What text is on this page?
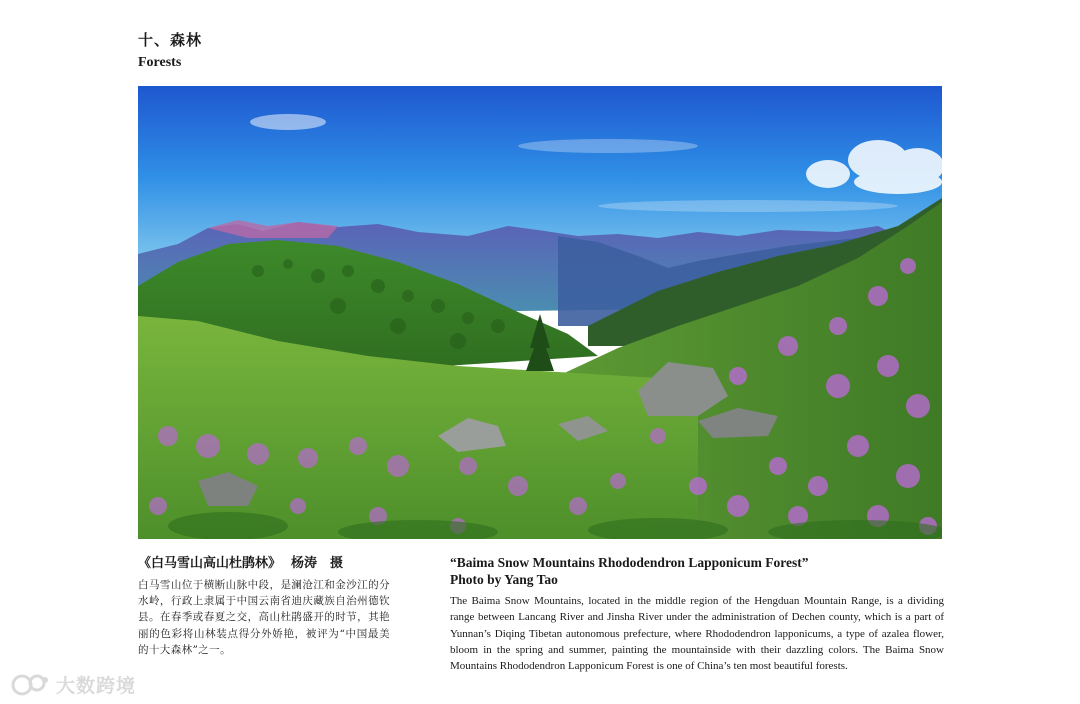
十、森林
Forests
《白马雪山高山杜鹃林》 杨涛　摄
白马雪山位于横断山脉中段，是澜沧江和金沙江的分水岭，行政上隶属于中国云南省迪庆藏族自治州德钦县。在春季或春夏之交，高山杜鹃盛开的时节，其艳丽的色彩将山林装点得分外娇艳，被评为“中国最美的十大森林”之一。
“Baima Snow Mountains Rhododendron Lapponicum Forest”
Photo by Yang Tao
The Baima Snow Mountains, located in the middle region of the Hengduan Mountain Range, is a dividing range between Lancang River and Jinsha River under the administration of Dechen county, which is a part of Yunnan’s Diqing Tibetan autonomous prefecture, where Rhododendron lapponicums, a type of azalea flower, bloom in the spring and summer, painting the mountainside with their dazzling colors. The Baima Snow Mountains Rhododendron Lapponicum Forest is one of China’s ten most beautiful forests.
大数跨境
